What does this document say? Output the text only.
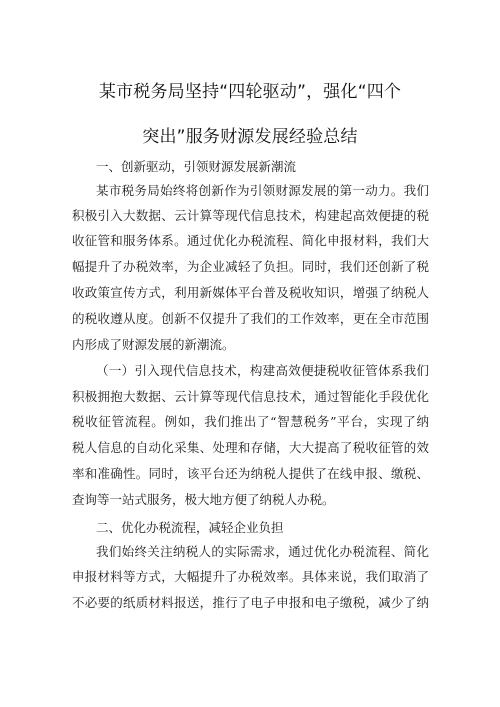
某市税务局坚持“四轮驱动”，强化“四个
突出”服务财源发展经验总结
一、创新驱动，引领财源发展新潮流
某市税务局始终将创新作为引领财源发展的第一动力。我们
积极引入大数据、云计算等现代信息技术，构建起高效便捷的税
收征管和服务体系。通过优化办税流程、简化申报材料，我们大
幅提升了办税效率，为企业减轻了负担。同时，我们还创新了税
收政策宣传方式，利用新媒体平台普及税收知识，增强了纳税人
的税收遵从度。创新不仅提升了我们的工作效率，更在全市范围
内形成了财源发展的新潮流。
（一）引入现代信息技术，构建高效便捷税收征管体系我们
积极拥抱大数据、云计算等现代信息技术，通过智能化手段优化
税收征管流程。例如，我们推出了“智慧税务”平台，实现了纳
税人信息的自动化采集、处理和存储，大大提高了税收征管的效
率和准确性。同时，该平台还为纳税人提供了在线申报、缴税、
查询等一站式服务，极大地方便了纳税人办税。
二、优化办税流程，减轻企业负担
我们始终关注纳税人的实际需求，通过优化办税流程、简化
申报材料等方式，大幅提升了办税效率。具体来说，我们取消了
不必要的纸质材料报送，推行了电子申报和电子缴税，减少了纳
